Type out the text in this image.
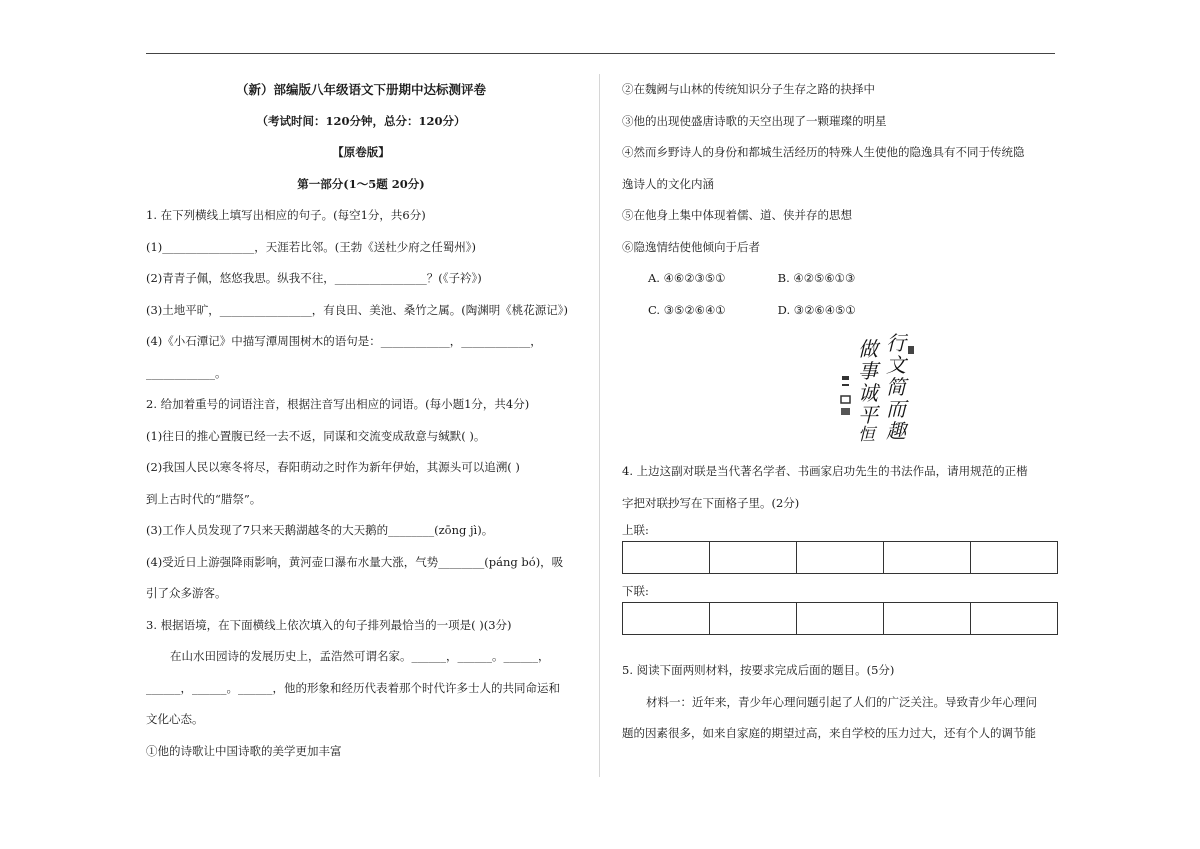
（新）部编版八年级语文下册期中达标测评卷
（考试时间：120分钟，总分：120分）
【原卷版】
第一部分(1～5题 20分)
1. 在下列横线上填写出相应的句子。(每空1分，共6分)
(1)________________，天涯若比邻。(王勃《送杜少府之任蜀州》)
(2)青青子佩，悠悠我思。纵我不往，________________？(《子衿》)
(3)土地平旷，________________，有良田、美池、桑竹之属。(陶渊明《桃花源记》)
(4)《小石潭记》中描写潭周围树木的语句是：____________，____________，
____________。
2. 给加着重号的词语注音，根据注音写出相应的词语。(每小题1分，共4分)
(1)往日的推心置腹已经一去不返，同谋和交流变成敌意与缄默( )。
(2)我国人民以寒冬将尽，春阳萌动之时作为新年伊始，其源头可以追溯( )
到上古时代的“腊祭”。
(3)工作人员发现了7只来天鹅湖越冬的大天鹅的________(zōng jì)。
(4)受近日上游强降雨影响，黄河壶口瀑布水量大涨，气势________(páng bó)，吸
引了众多游客。
3. 根据语境，在下面横线上依次填入的句子排列最恰当的一项是( )(3分)
在山水田园诗的发展历史上，孟浩然可谓名家。______，______。______，
______，______。______，他的形象和经历代表着那个时代许多士人的共同命运和
文化心态。
①他的诗歌让中国诗歌的美学更加丰富
②在魏阙与山林的传统知识分子生存之路的抉择中
③他的出现使盛唐诗歌的天空出现了一颗璀璨的明星
④然而乡野诗人的身份和都城生活经历的特殊人生使他的隐逸具有不同于传统隐
逸诗人的文化内涵
⑤在他身上集中体现着儒、道、侠并存的思想
⑥隐逸情结使他倾向于后者
A. ④⑥②③⑤①	B. ④②⑤⑥①③
C. ③⑤②⑥④①	D. ③②⑥④⑤①
行
文
简
而
趣
做
事
诚
平
恒
4. 上边这副对联是当代著名学者、书画家启功先生的书法作品，请用规范的正楷
字把对联抄写在下面格子里。(2分)
上联:
下联:
5. 阅读下面两则材料，按要求完成后面的题目。(5分)
材料一：近年来，青少年心理问题引起了人们的广泛关注。导致青少年心理问
题的因素很多，如来自家庭的期望过高，来自学校的压力过大，还有个人的调节能
